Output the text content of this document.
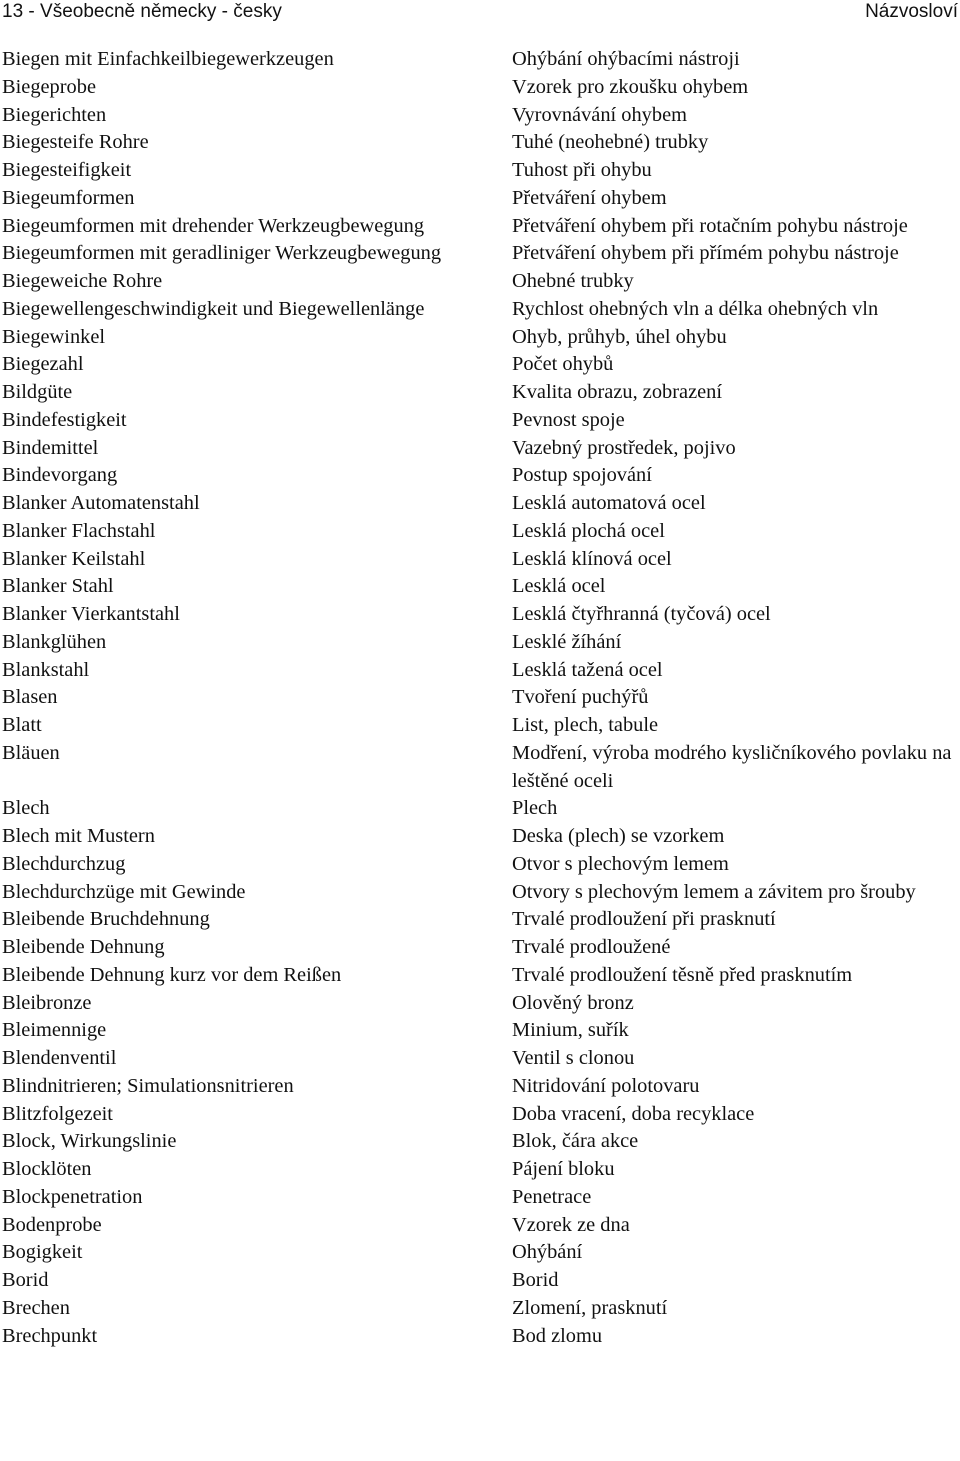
13 - Všeobecně německy - česky	Názvosloví
Biegen mit Einfachkeilbiegewerkzeugen	Ohýbání ohýbacími nástroji
Biegeprobe	Vzorek pro zkoušku ohybem
Biegerichten	Vyrovnávání ohybem
Biegesteife Rohre	Tuhé (neohebné) trubky
Biegesteifigkeit	Tuhost při ohybu
Biegeumformen	Přetváření ohybem
Biegeumformen mit drehender Werkzeugbewegung	Přetváření ohybem při rotačním pohybu nástroje
Biegeumformen mit geradliniger Werkzeugbewegung	Přetváření ohybem při přímém pohybu nástroje
Biegeweiche Rohre	Ohebné trubky
Biegewellengeschwindigkeit und Biegewellenlänge	Rychlost ohebných vln a délka ohebných vln
Biegewinkel	Ohyb, průhyb, úhel ohybu
Biegezahl	Počet ohybů
Bildgüte	Kvalita obrazu, zobrazení
Bindefestigkeit	Pevnost spoje
Bindemittel	Vazebný prostředek, pojivo
Bindevorgang	Postup spojování
Blanker Automatenstahl	Lesklá automatová ocel
Blanker Flachstahl	Lesklá plochá ocel
Blanker Keilstahl	Lesklá klínová ocel
Blanker Stahl	Lesklá ocel
Blanker Vierkantstahl	Lesklá čtyřhranná (tyčová) ocel
Blankglühen	Lesklé žíhání
Blankstahl	Lesklá tažená ocel
Blasen	Tvoření puchýřů
Blatt	List, plech, tabule
Bläuen	Modření, výroba modrého kysličníkového povlaku na leštěné oceli
Blech	Plech
Blech mit Mustern	Deska (plech) se vzorkem
Blechdurchzug	Otvor s plechovým lemem
Blechdurchzüge mit Gewinde	Otvory s plechovým lemem a závitem pro šrouby
Bleibende Bruchdehnung	Trvalé prodloužení při prasknutí
Bleibende Dehnung	Trvalé prodloužené
Bleibende Dehnung kurz vor dem Reißen	Trvalé prodloužení těsně před prasknutím
Bleibronze	Olověný bronz
Bleimennige	Minium, suřík
Blendenventil	Ventil s clonou
Blindnitrieren; Simulationsnitrieren	Nitridování polotovaru
Blitzfolgezeit	Doba vracení, doba recyklace
Block, Wirkungslinie	Blok, čára akce
Blocklöten	Pájení bloku
Blockpenetration	Penetrace
Bodenprobe	Vzorek ze dna
Bogigkeit	Ohýbání
Borid	Borid
Brechen	Zlomení, prasknutí
Brechpunkt	Bod zlomu
